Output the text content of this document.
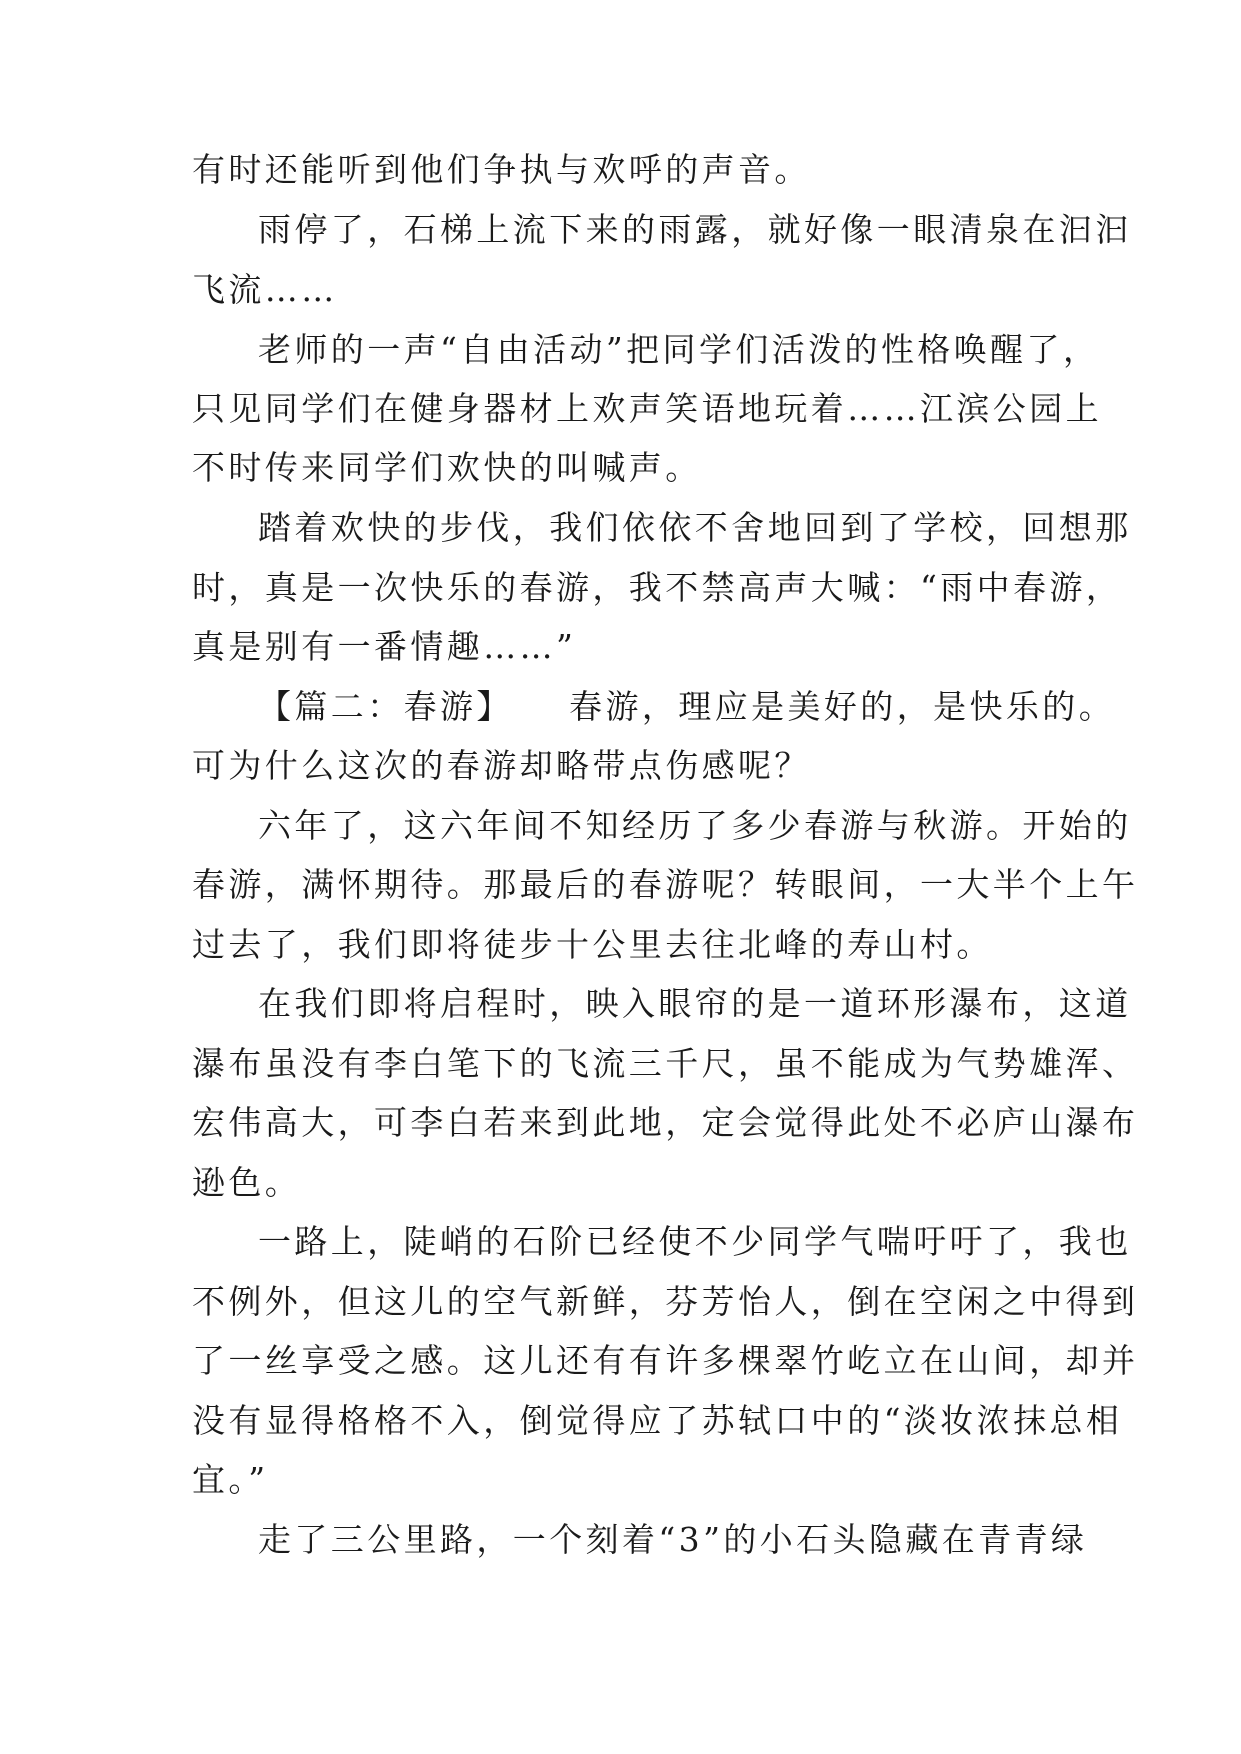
有时还能听到他们争执与欢呼的声音。
雨停了，石梯上流下来的雨露，就好像一眼清泉在汩汩
飞流……
老师的一声“自由活动”把同学们活泼的性格唤醒了，
只见同学们在健身器材上欢声笑语地玩着……江滨公园上
不时传来同学们欢快的叫喊声。
踏着欢快的步伐，我们依依不舍地回到了学校，回想那
时，真是一次快乐的春游，我不禁高声大喊：“雨中春游，
真是别有一番情趣……”
【篇二：春游】　　春游，理应是美好的，是快乐的。
可为什么这次的春游却略带点伤感呢？
六年了，这六年间不知经历了多少春游与秋游。开始的
春游，满怀期待。那最后的春游呢？转眼间，一大半个上午
过去了，我们即将徒步十公里去往北峰的寿山村。
在我们即将启程时，映入眼帘的是一道环形瀑布，这道
瀑布虽没有李白笔下的飞流三千尺，虽不能成为气势雄浑、
宏伟高大，可李白若来到此地，定会觉得此处不必庐山瀑布
逊色。
一路上，陡峭的石阶已经使不少同学气喘吁吁了，我也
不例外，但这儿的空气新鲜，芬芳怡人，倒在空闲之中得到
了一丝享受之感。这儿还有有许多棵翠竹屹立在山间，却并
没有显得格格不入，倒觉得应了苏轼口中的“淡妆浓抹总相
宜。”
走了三公里路，一个刻着“3”的小石头隐藏在青青绿
